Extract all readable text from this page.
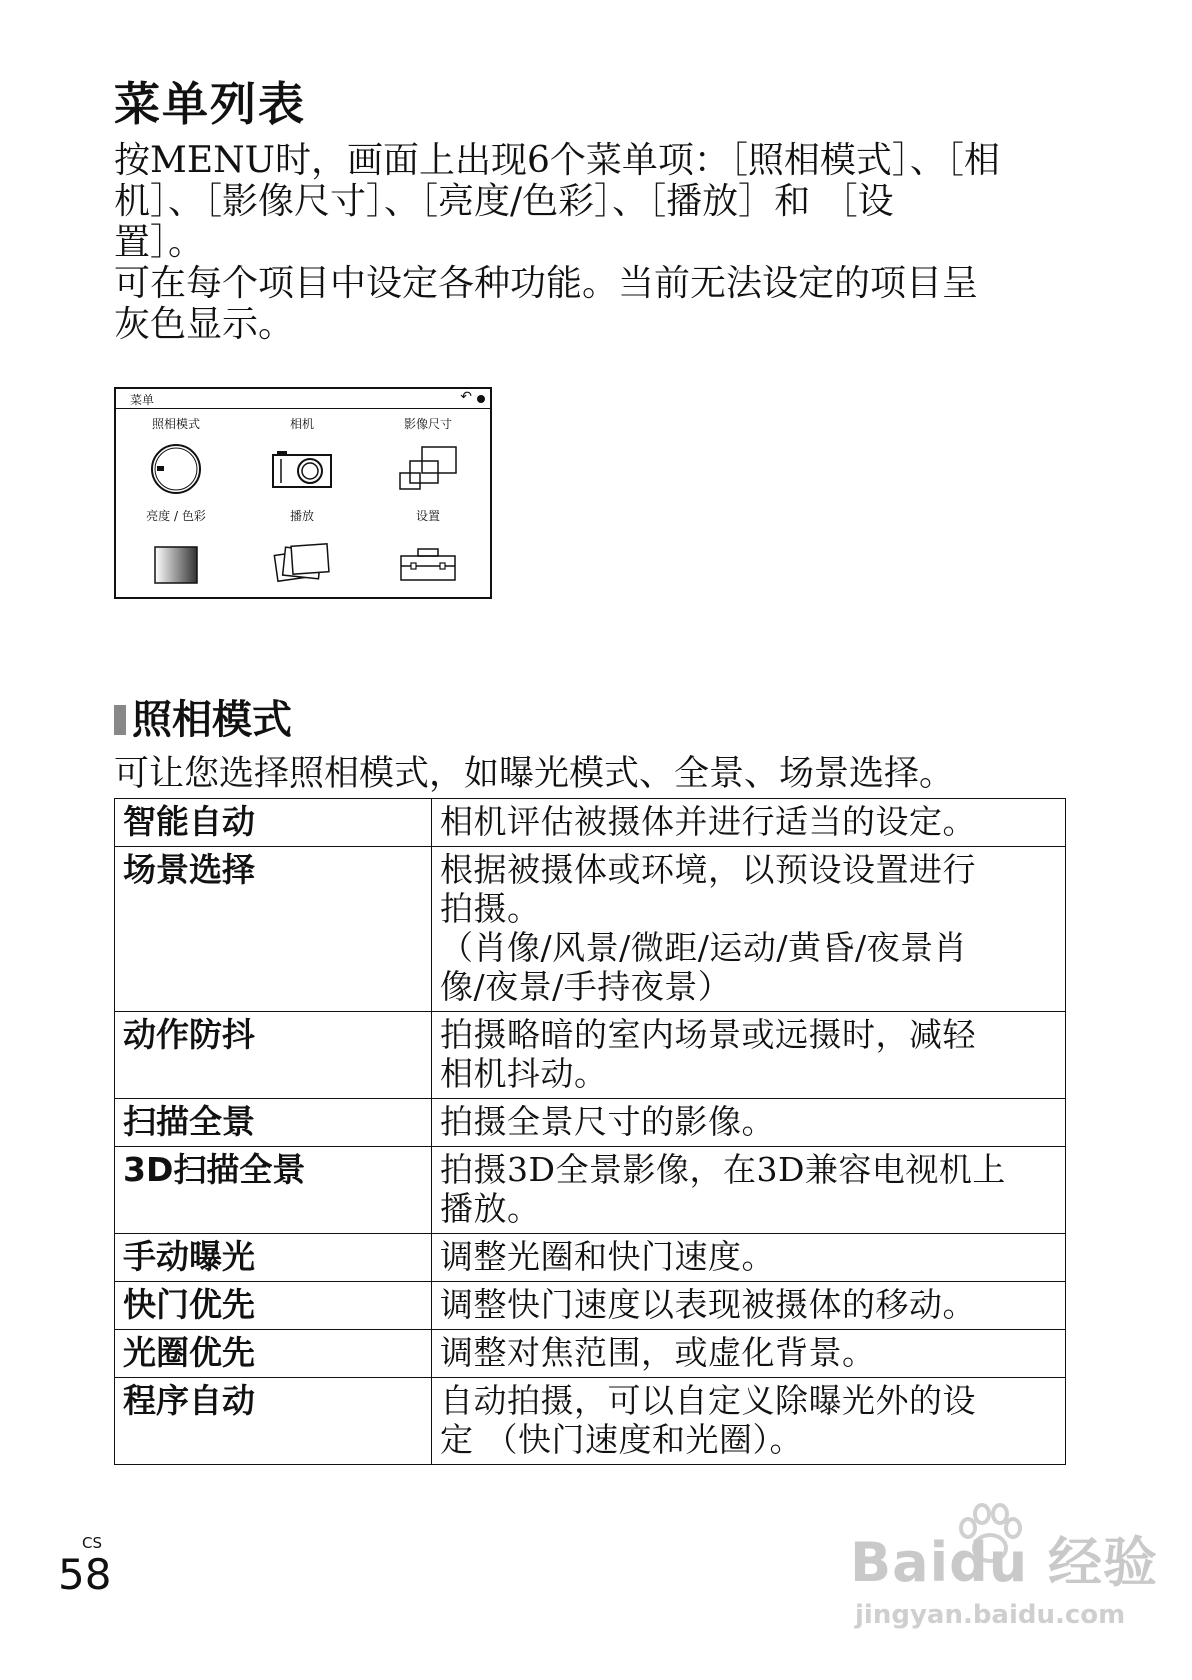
菜单列表

按MENU时，画面上出现6个菜单项：［照相模式］、［相

机］、［影像尺寸］、［亮度/色彩］、［播放］和 ［设

置］。

可在每个项目中设定各种功能。当前无法设定的项目呈

灰色显示。

菜单	↶
照相模式	相机	影像尺寸
亮度 / 色彩	播放	设置
照相模式
可让您选择照相模式，如曝光模式、全景、场景选择。
智能自动	相机评估被摄体并进行适当的设定。

场景选择	根据被摄体或环境，以预设设置进行
拍摄。
（肖像/风景/微距/运动/黄昏/夜景肖
像/夜景/手持夜景）

动作防抖	拍摄略暗的室内场景或远摄时，减轻
相机抖动。

扫描全景	拍摄全景尺寸的影像。

3D扫描全景	拍摄3D全景影像，在3D兼容电视机上
播放。

手动曝光	调整光圈和快门速度。

快门优先	调整快门速度以表现被摄体的移动。

光圈优先	调整对焦范围，或虚化背景。

程序自动	自动拍摄，可以自定义除曝光外的设
定 （快门速度和光圈）。
CS
58	Baidu 经验
jingyan.baidu.com
